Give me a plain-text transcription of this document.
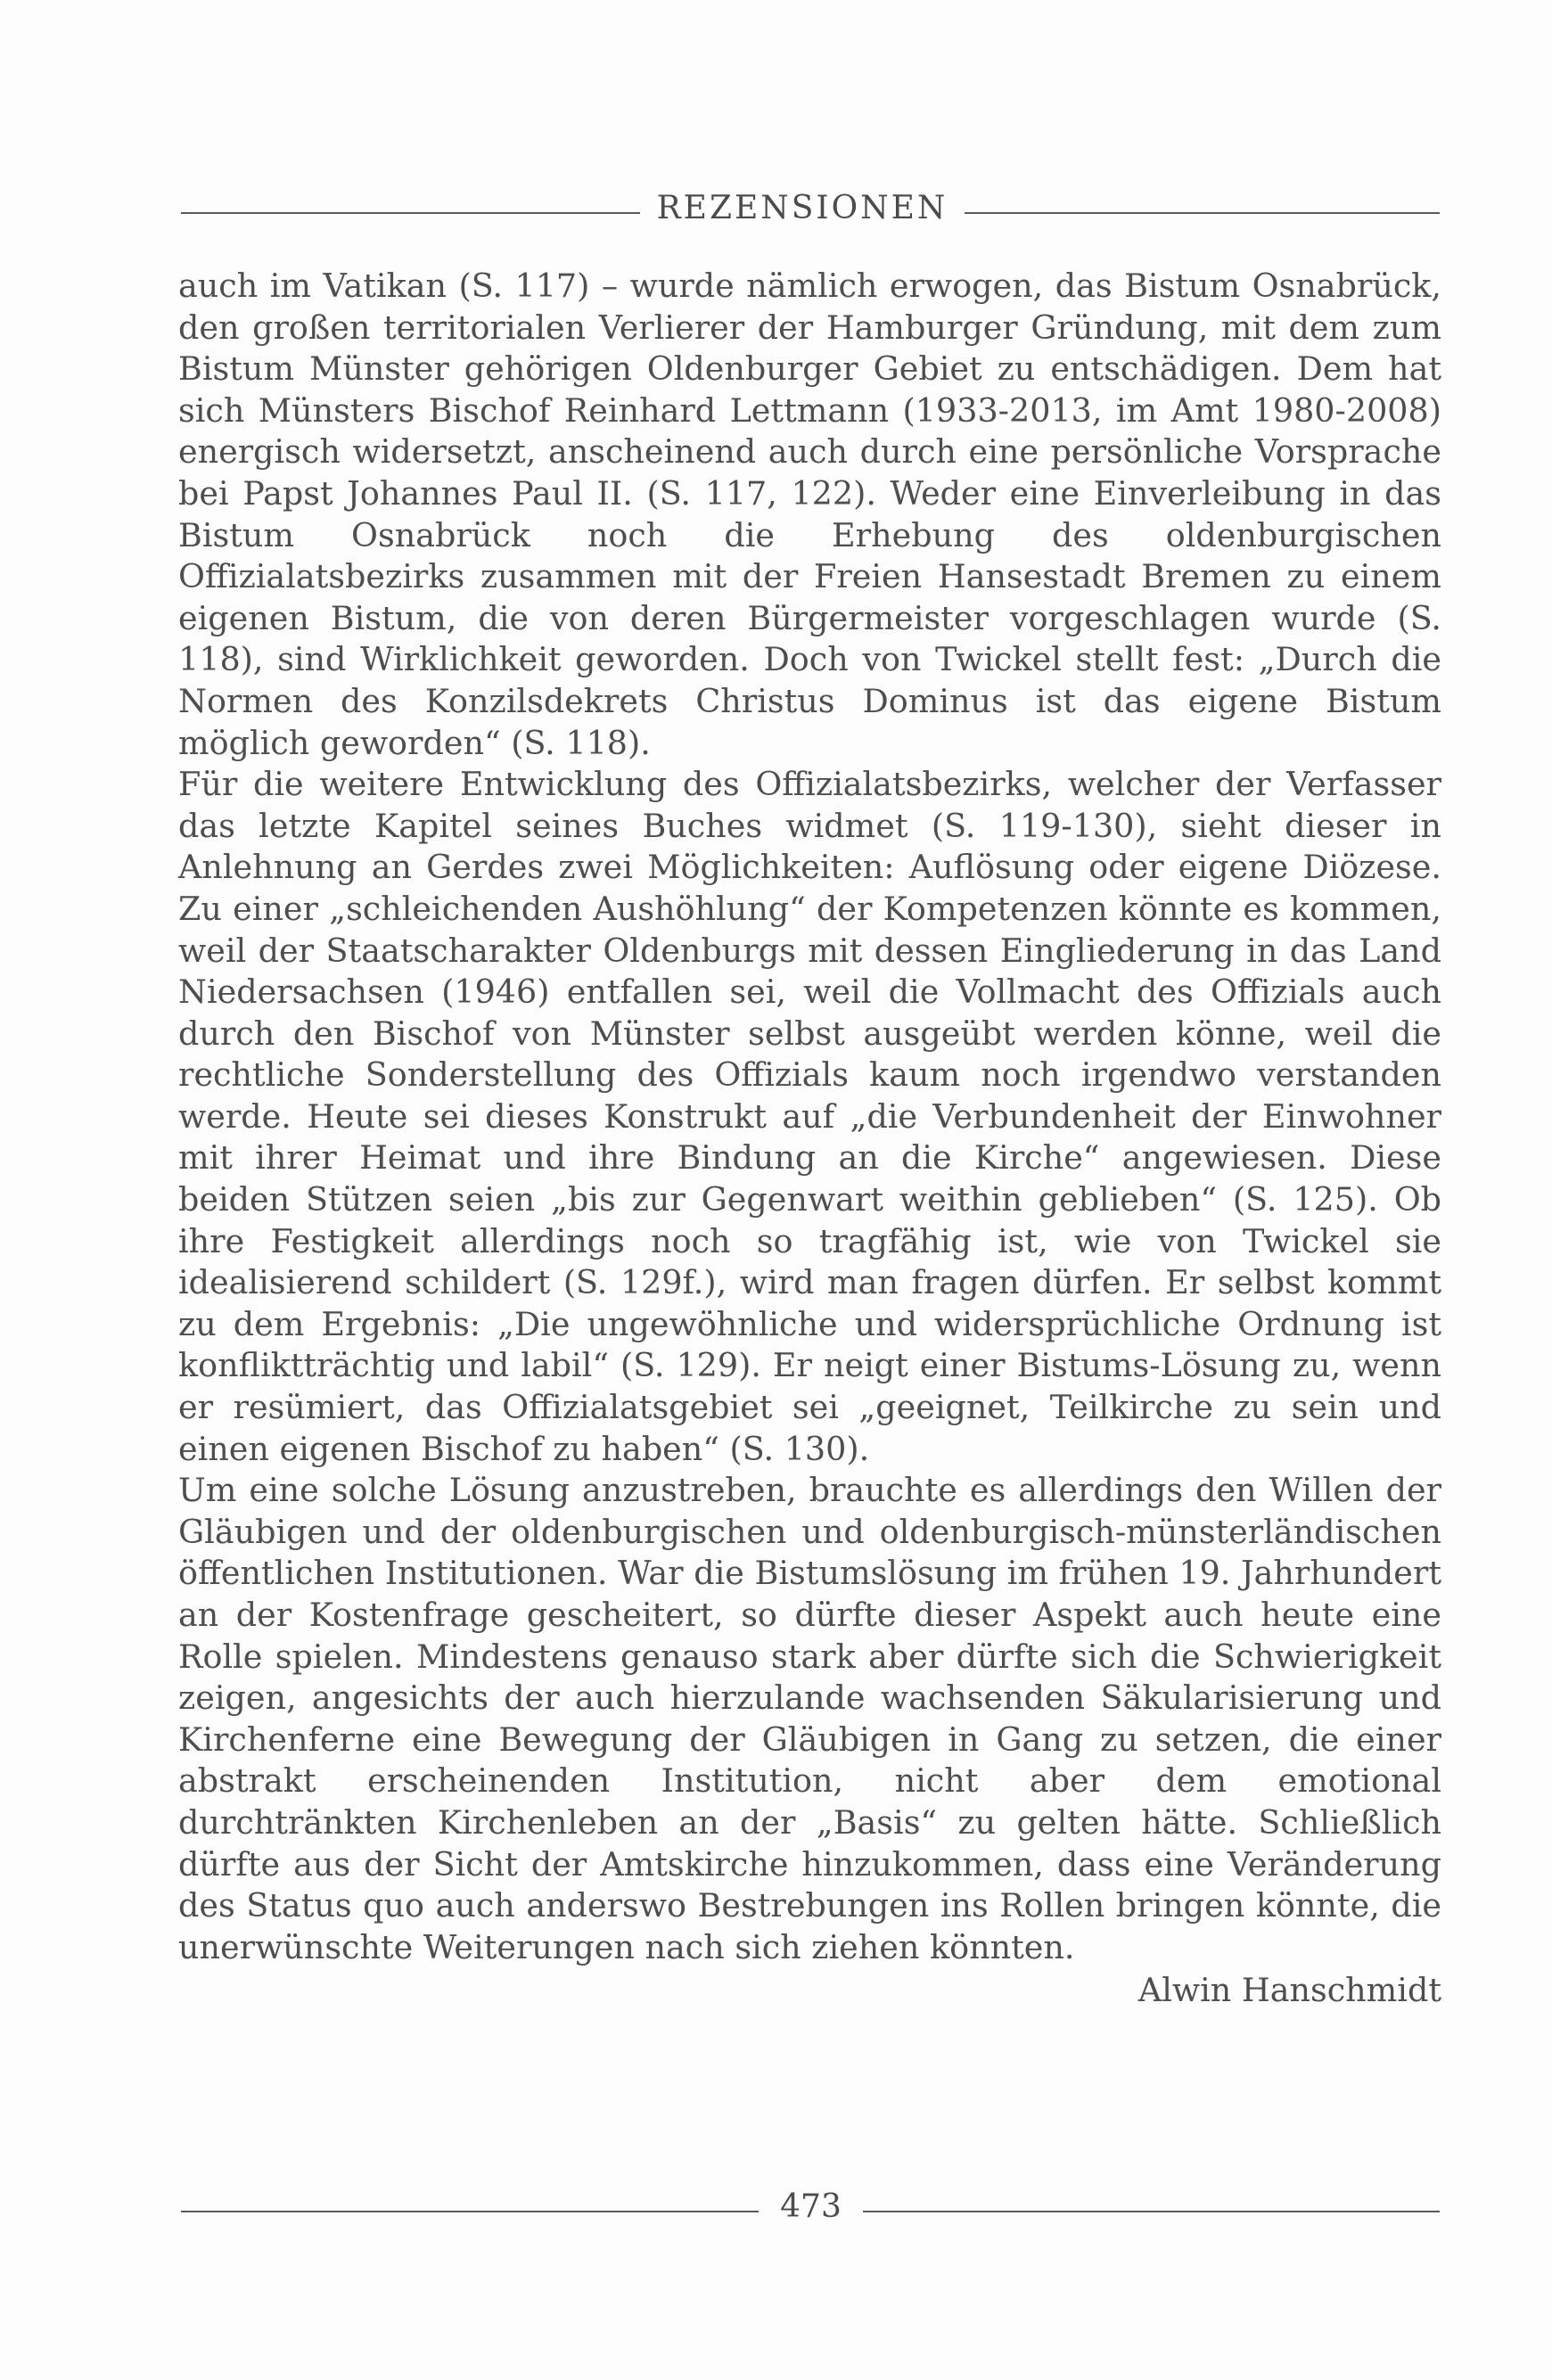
REZENSIONEN

auch im Vatikan (S. 117) – wurde nämlich erwogen, das Bistum Osnabrück, den großen territorialen Verlierer der Hamburger Gründung, mit dem zum Bistum Münster gehörigen Oldenburger Gebiet zu entschädigen. Dem hat sich Münsters Bischof Reinhard Lettmann (1933-2013, im Amt 1980-2008) energisch widersetzt, anscheinend auch durch eine persönliche Vorsprache bei Papst Johannes Paul II. (S. 117, 122). Weder eine Einverleibung in das Bistum Osnabrück noch die Erhebung des oldenburgischen Offizialatsbezirks zusammen mit der Freien Hansestadt Bremen zu einem eigenen Bistum, die von deren Bürgermeister vorgeschlagen wurde (S. 118), sind Wirklichkeit geworden. Doch von Twickel stellt fest: „Durch die Normen des Konzilsdekrets Christus Dominus ist das eigene Bistum möglich geworden“ (S. 118).

Für die weitere Entwicklung des Offizialatsbezirks, welcher der Verfasser das letzte Kapitel seines Buches widmet (S. 119-130), sieht dieser in Anlehnung an Gerdes zwei Möglichkeiten: Auflösung oder eigene Diözese. Zu einer „schleichenden Aushöhlung“ der Kompetenzen könnte es kommen, weil der Staatscharakter Oldenburgs mit dessen Eingliederung in das Land Niedersachsen (1946) entfallen sei, weil die Vollmacht des Offizials auch durch den Bischof von Münster selbst ausgeübt werden könne, weil die rechtliche Sonderstellung des Offizials kaum noch irgendwo verstanden werde. Heute sei dieses Konstrukt auf „die Verbundenheit der Einwohner mit ihrer Heimat und ihre Bindung an die Kirche“ angewiesen. Diese beiden Stützen seien „bis zur Gegenwart weithin geblieben“ (S. 125). Ob ihre Festigkeit allerdings noch so tragfähig ist, wie von Twickel sie idealisierend schildert (S. 129f.), wird man fragen dürfen. Er selbst kommt zu dem Ergebnis: „Die ungewöhnliche und widersprüchliche Ordnung ist konfliktträchtig und labil“ (S. 129). Er neigt einer Bistums-Lösung zu, wenn er resümiert, das Offizialatsgebiet sei „geeignet, Teilkirche zu sein und einen eigenen Bischof zu haben“ (S. 130).

Um eine solche Lösung anzustreben, brauchte es allerdings den Willen der Gläubigen und der oldenburgischen und oldenburgisch-münsterländischen öffentlichen Institutionen. War die Bistumslösung im frühen 19. Jahrhundert an der Kostenfrage gescheitert, so dürfte dieser Aspekt auch heute eine Rolle spielen. Mindestens genauso stark aber dürfte sich die Schwierigkeit zeigen, angesichts der auch hierzulande wachsenden Säkularisierung und Kirchenferne eine Bewegung der Gläubigen in Gang zu setzen, die einer abstrakt erscheinenden Institution, nicht aber dem emotional durchtränkten Kirchenleben an der „Basis“ zu gelten hätte. Schließlich dürfte aus der Sicht der Amtskirche hinzukommen, dass eine Veränderung des Status quo auch anderswo Bestrebungen ins Rollen bringen könnte, die unerwünschte Weiterungen nach sich ziehen könnten.

Alwin Hanschmidt
473
